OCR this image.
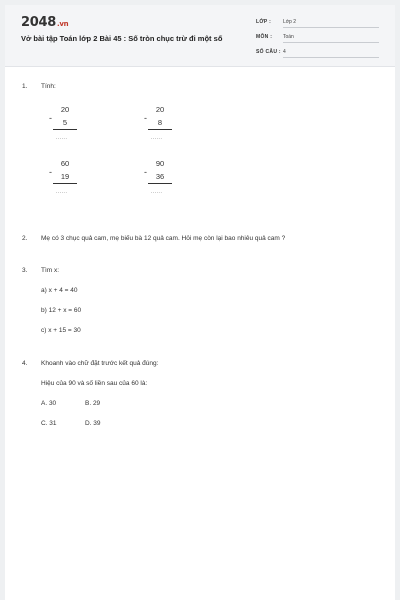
2048.vn
Vở bài tập Toán lớp 2 Bài 45 : Số tròn chục trừ đi một số
LỚP : Lớp 2
MÔN : Toán
SỐ CÂU : 4
1. Tính:
-
20
5
......
-
20
8
......
-
60
19
......
-
90
36
......
2. Mẹ có 3 chục quả cam, mẹ biếu bà 12 quả cam. Hỏi mẹ còn lại bao nhiêu quả cam ?
3. Tìm x:
a) x + 4 = 40
b) 12 + x = 60
c) x + 15 = 30
4. Khoanh vào chữ đặt trước kết quả đúng:
Hiệu của 90 và số liền sau của 60 là:
A. 30	B. 29
C. 31	D. 39
